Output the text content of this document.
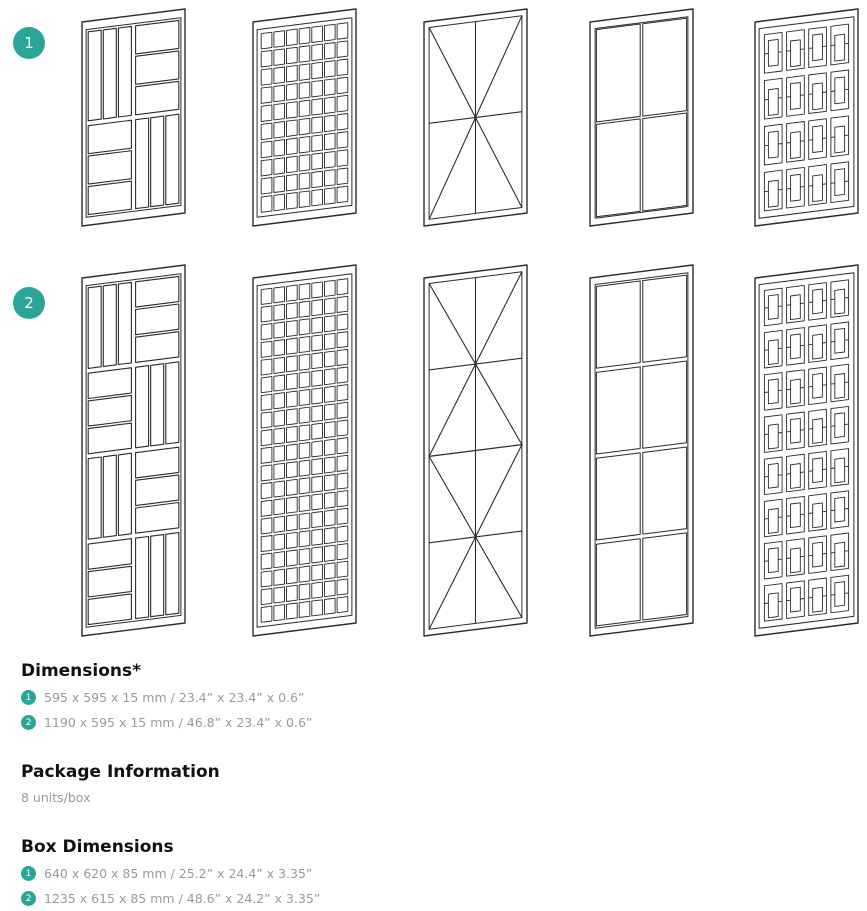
1
2
Dimensions*
1	595 x 595 x 15 mm / 23.4” x 23.4” x 0.6”
2	1190 x 595 x 15 mm / 46.8” x 23.4” x 0.6”
Package Information
8 units/box
Box Dimensions
1	640 x 620 x 85 mm / 25.2” x 24.4” x 3.35”
2	1235 x 615 x 85 mm / 48.6” x 24.2” x 3.35”
